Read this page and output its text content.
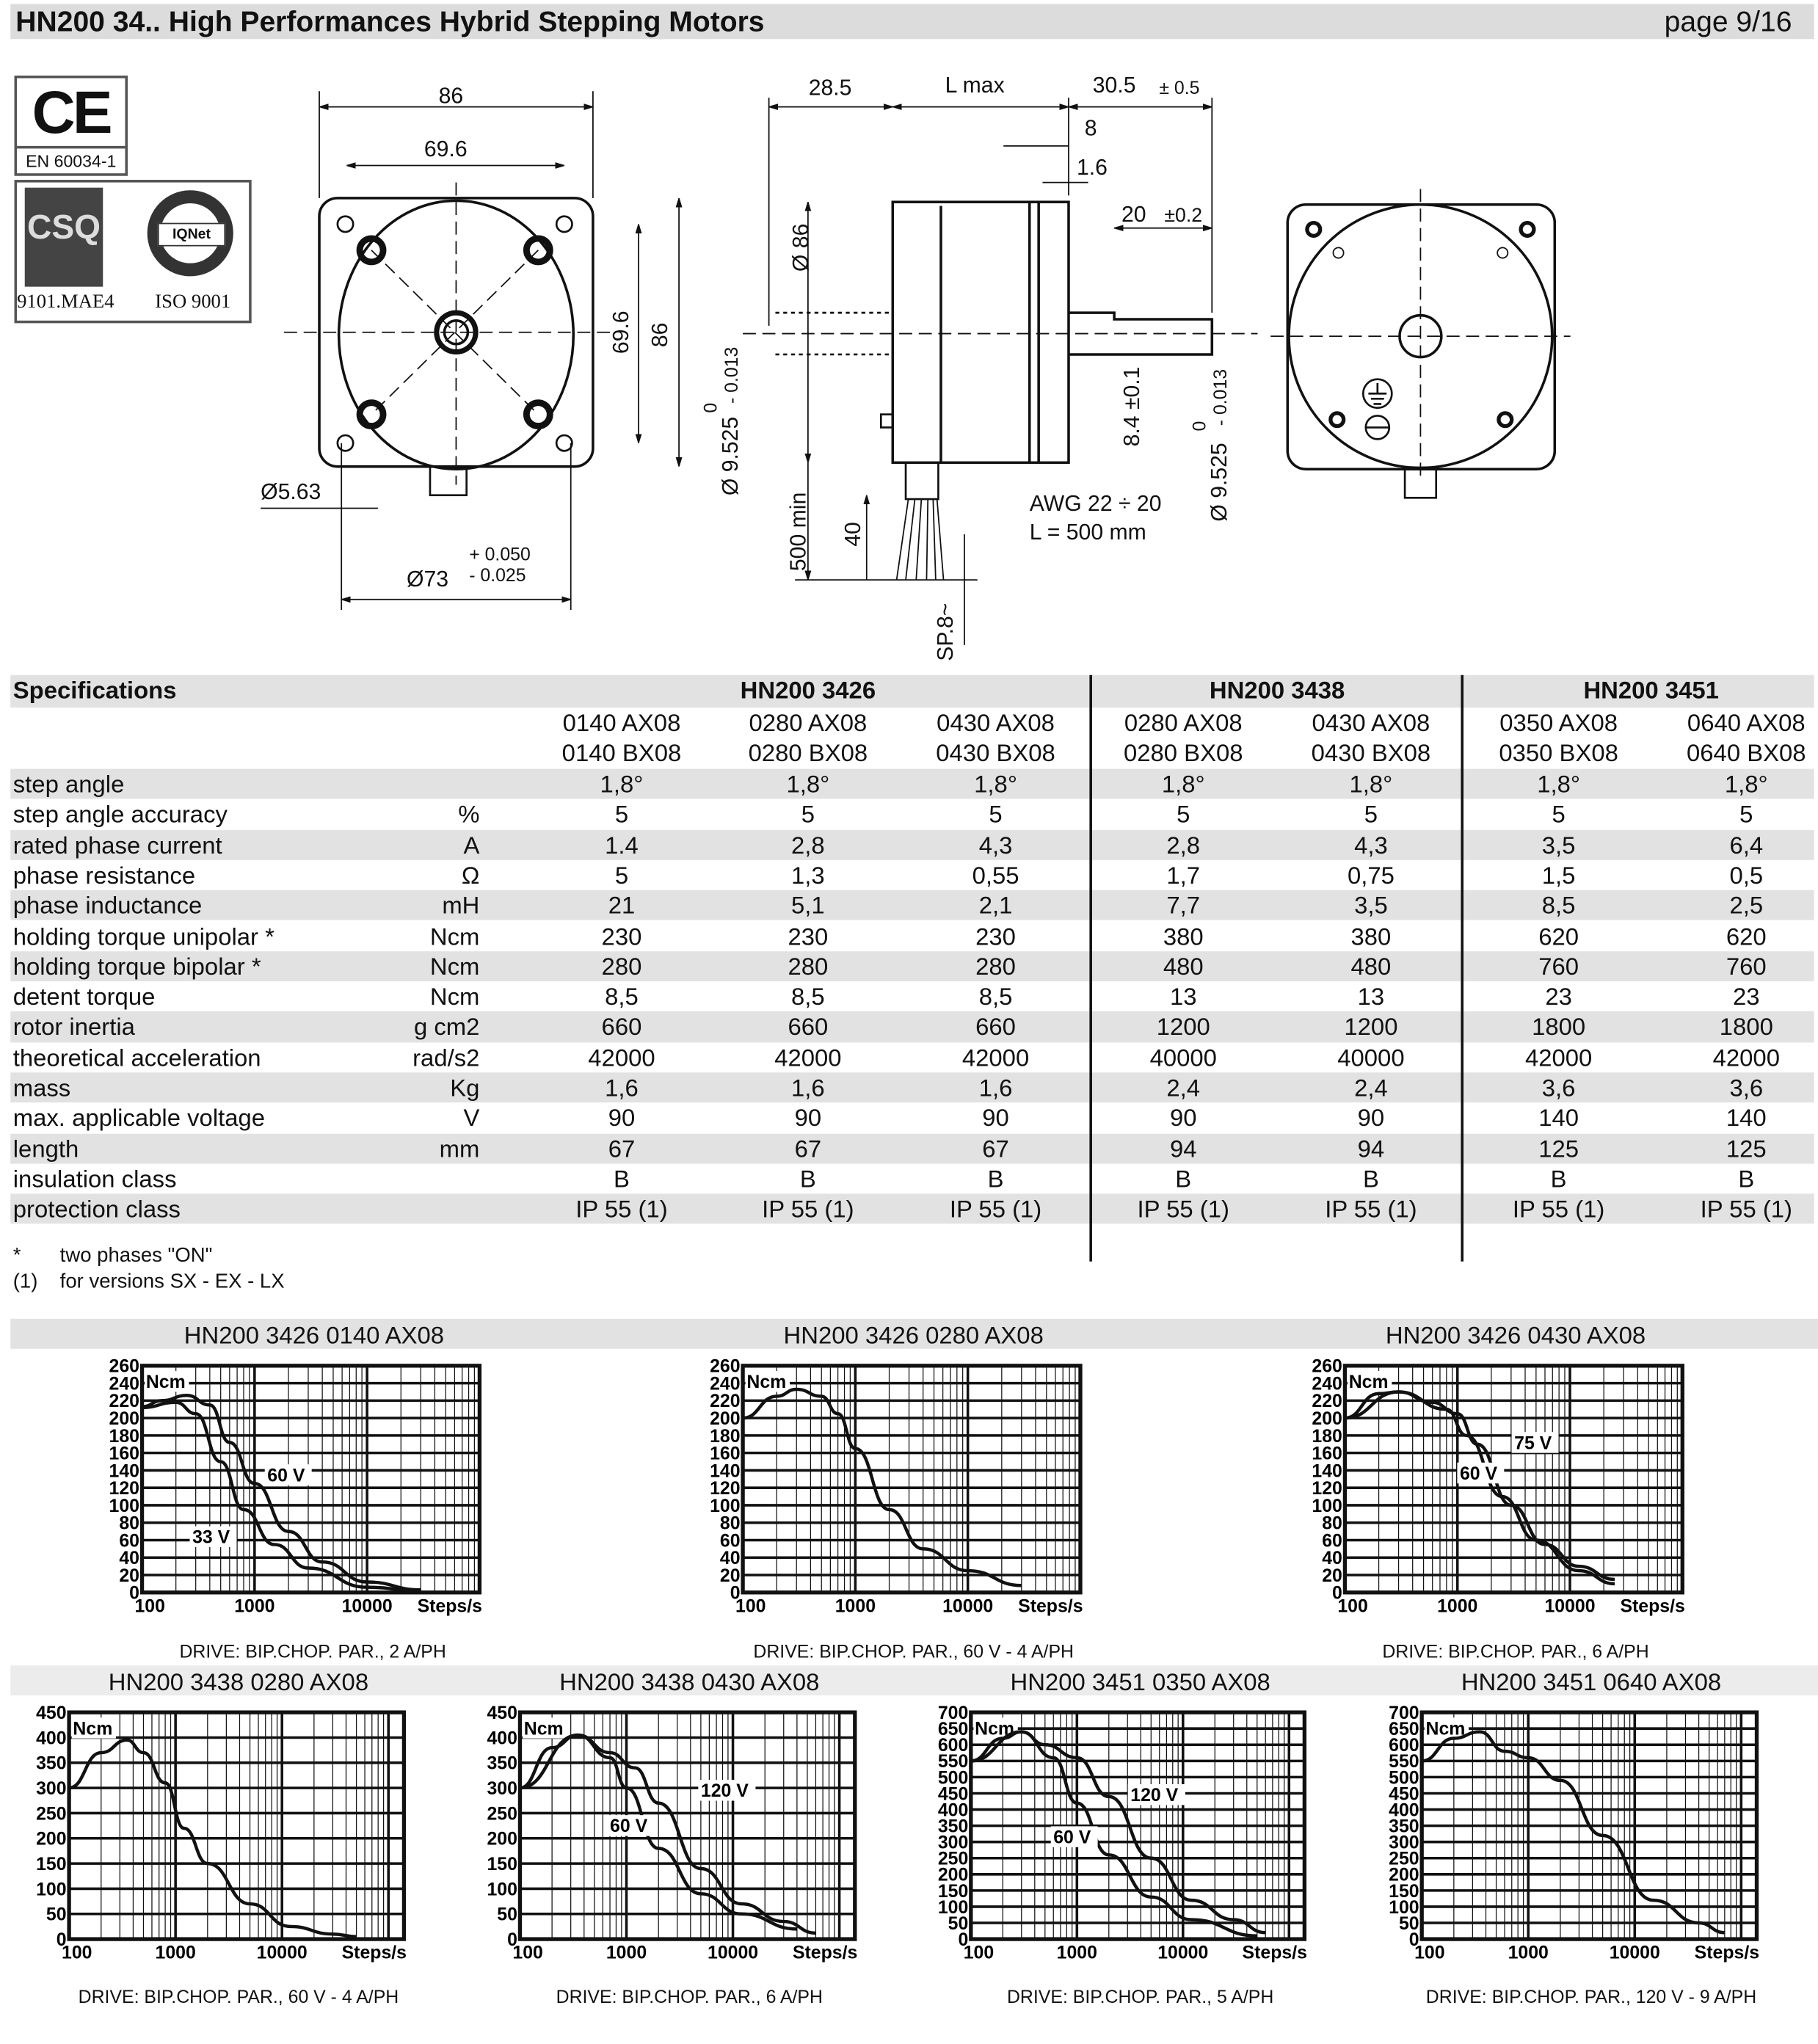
HN200 34.. High Performances Hybrid Stepping Motors	page 9/16
CE
EN 60034-1
CSQ	IQNet
9101.MAE4	ISO 9001
86
69.6
69.6 86
Ø5.63
Ø73
+ 0.050
- 0.025
28.5	L max	30.5 ± 0.5
8
1.6
20 ±0.2
Ø 86
Ø 9.525
0
- 0.013	8.4 ±0.1
Ø 9.525
0
- 0.013
500 min 40
AWG 22 ÷ 20
L = 500 mm
SP.8~
Specifications	HN200 3426	HN200 3438	HN200 3451
0140 AX08	0280 AX08	0430 AX08	0280 AX08	0430 AX08	0350 AX08	0640 AX08
0140 BX08	0280 BX08	0430 BX08	0280 BX08	0430 BX08	0350 BX08	0640 BX08
step angle	1,8°	1,8°	1,8°	1,8°	1,8°	1,8°	1,8°
step angle accuracy	%	5	5	5	5	5	5	5
rated phase current	A	1.4	2,8	4,3	2,8	4,3	3,5	6,4
phase resistance	Ω	5	1,3	0,55	1,7	0,75	1,5	0,5
phase inductance	mH	21	5,1	2,1	7,7	3,5	8,5	2,5
holding torque unipolar *	Ncm	230	230	230	380	380	620	620
holding torque bipolar *	Ncm	280	280	280	480	480	760	760
detent torque	Ncm	8,5	8,5	8,5	13	13	23	23
rotor inertia	g cm2	660	660	660	1200	1200	1800	1800
theoretical acceleration	rad/s2	42000	42000	42000	40000	40000	42000	42000
mass	Kg	1,6	1,6	1,6	2,4	2,4	3,6	3,6
max. applicable voltage	V	90	90	90	90	90	140	140
length	mm	67	67	67	94	94	125	125
insulation class	B	B	B	B	B	B	B
protection class	IP 55 (1)	IP 55 (1)	IP 55 (1)	IP 55 (1)	IP 55 (1)	IP 55 (1)	IP 55 (1)
*	two phases "ON"
(1) for versions SX - EX - LX
HN200 3426 0140 AX08
DRIVE: BIP.CHOP. PAR., 2 A/PH
0
20
40
60
80
100
120
140
160
180
200
220
240
260
100	1000	10000
Ncm
Steps/s
60 V
33 V
HN200 3426 0280 AX08
DRIVE: BIP.CHOP. PAR., 60 V - 4 A/PH
0
20
40
60
80
100
120
140
160
180
200
220
240
260
100	1000	10000
Ncm
Steps/s
HN200 3426 0430 AX08
DRIVE: BIP.CHOP. PAR., 6 A/PH
0
20
40
60
80
100
120
140
160
180
200
220
240
260
100	1000	10000
Ncm
Steps/s
75 V
60 V
HN200 3438 0280 AX08
DRIVE: BIP.CHOP. PAR., 60 V - 4 A/PH
0
50
100
150
200
250
300
350
400
450
100	1000	10000
Ncm
Steps/s
HN200 3438 0430 AX08
DRIVE: BIP.CHOP. PAR., 6 A/PH
0
50
100
150
200
250
300
350
400
450
100	1000	10000
Ncm
Steps/s
120 V
60 V
HN200 3451 0350 AX08
DRIVE: BIP.CHOP. PAR., 5 A/PH
0
50
100
150
200
250
300
350
400
450
500
550
600
650
700
100	1000	10000
Ncm
Steps/s
120 V
60 V
HN200 3451 0640 AX08
DRIVE: BIP.CHOP. PAR., 120 V - 9 A/PH
0
50
100
150
200
250
300
350
400
450
500
550
600
650
700
100	1000	10000
Ncm
Steps/s
